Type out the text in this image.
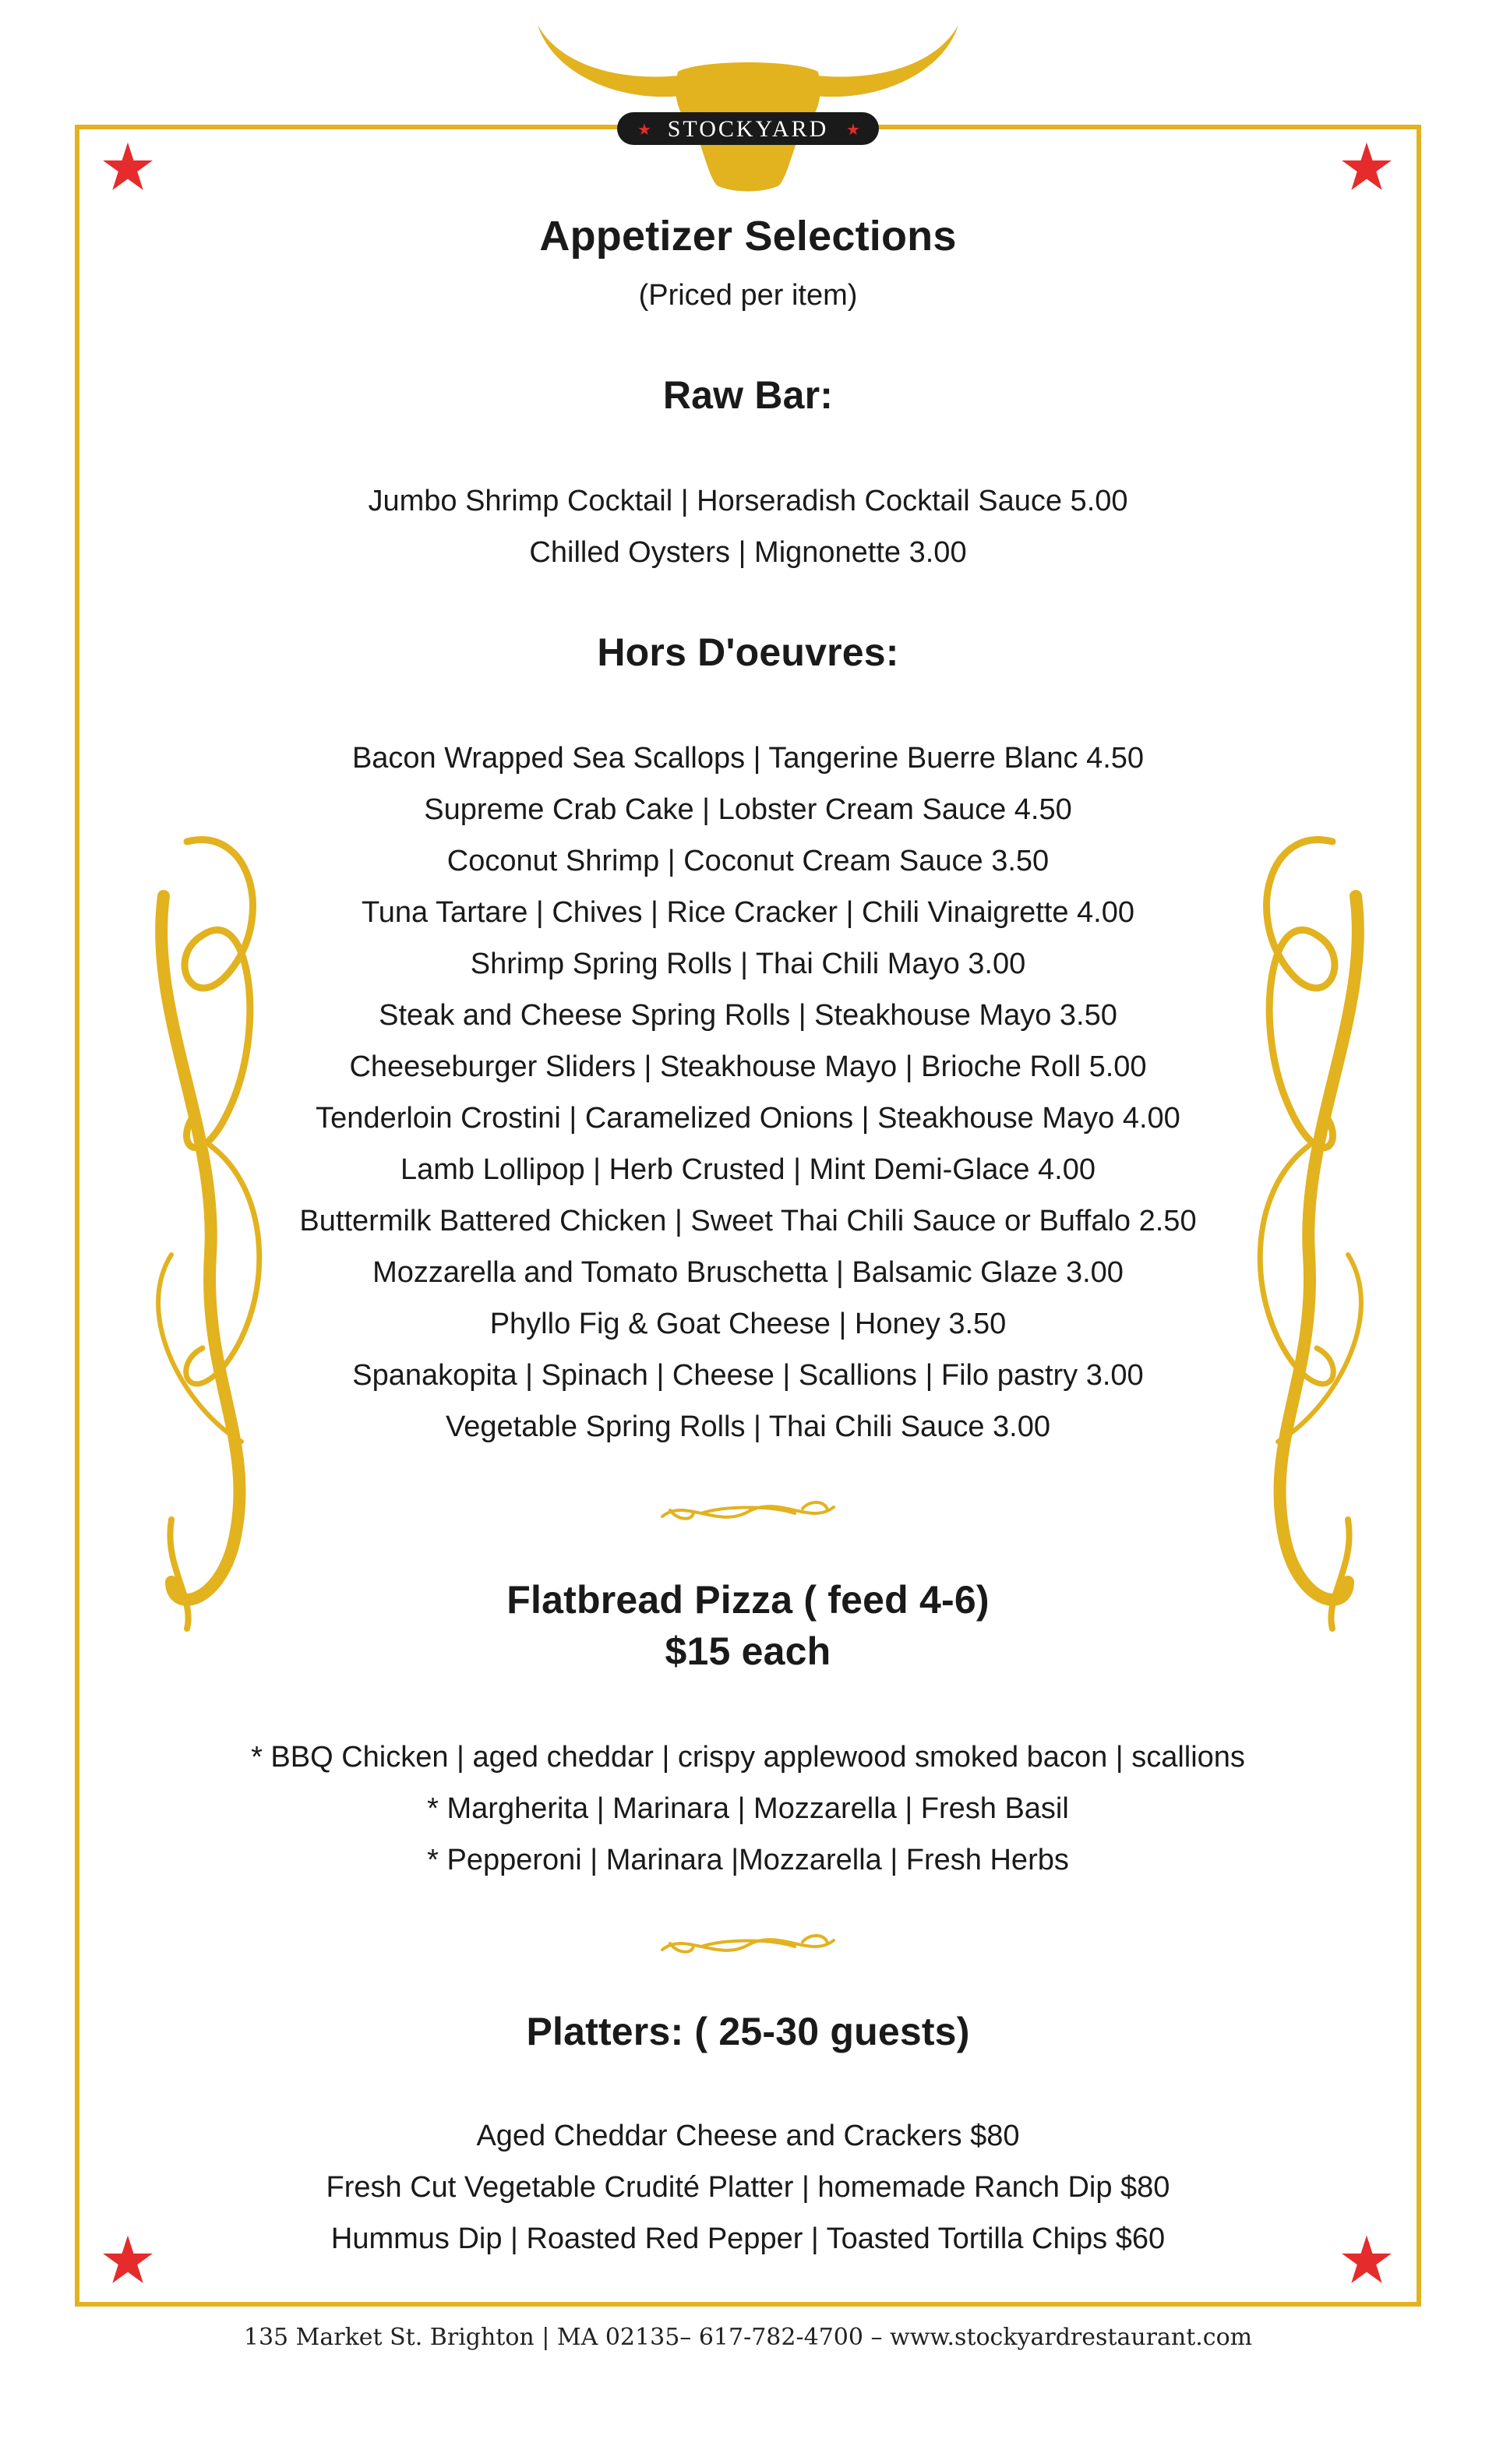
STOCKYARD
★	★
Appetizer Selections
(Priced per item)
Raw Bar:
Jumbo Shrimp Cocktail | Horseradish Cocktail Sauce 5.00
Chilled Oysters | Mignonette 3.00
Hors D'oeuvres:
Bacon Wrapped Sea Scallops | Tangerine Buerre Blanc 4.50
Supreme Crab Cake | Lobster Cream Sauce 4.50
Coconut Shrimp | Coconut Cream Sauce 3.50
Tuna Tartare | Chives | Rice Cracker | Chili Vinaigrette 4.00
Shrimp Spring Rolls | Thai Chili Mayo 3.00
Steak and Cheese Spring Rolls | Steakhouse Mayo 3.50
Cheeseburger Sliders | Steakhouse Mayo | Brioche Roll 5.00
Tenderloin Crostini | Caramelized Onions | Steakhouse Mayo 4.00
Lamb Lollipop | Herb Crusted | Mint Demi-Glace 4.00
Buttermilk Battered Chicken | Sweet Thai Chili Sauce or Buffalo 2.50
Mozzarella and Tomato Bruschetta | Balsamic Glaze 3.00
Phyllo Fig & Goat Cheese | Honey 3.50
Spanakopita | Spinach | Cheese | Scallions | Filo pastry 3.00
Vegetable Spring Rolls | Thai Chili Sauce 3.00
Flatbread Pizza ( feed 4-6)
$15 each
* BBQ Chicken | aged cheddar | crispy applewood smoked bacon | scallions
* Margherita | Marinara | Mozzarella | Fresh Basil
* Pepperoni | Marinara |Mozzarella | Fresh Herbs
Platters: ( 25-30 guests)
Aged Cheddar Cheese and Crackers $80
Fresh Cut Vegetable Crudité Platter | homemade Ranch Dip $80
Hummus Dip | Roasted Red Pepper | Toasted Tortilla Chips $60
135 Market St. Brighton | MA 02135– 617-782-4700 – www.stockyardrestaurant.com
